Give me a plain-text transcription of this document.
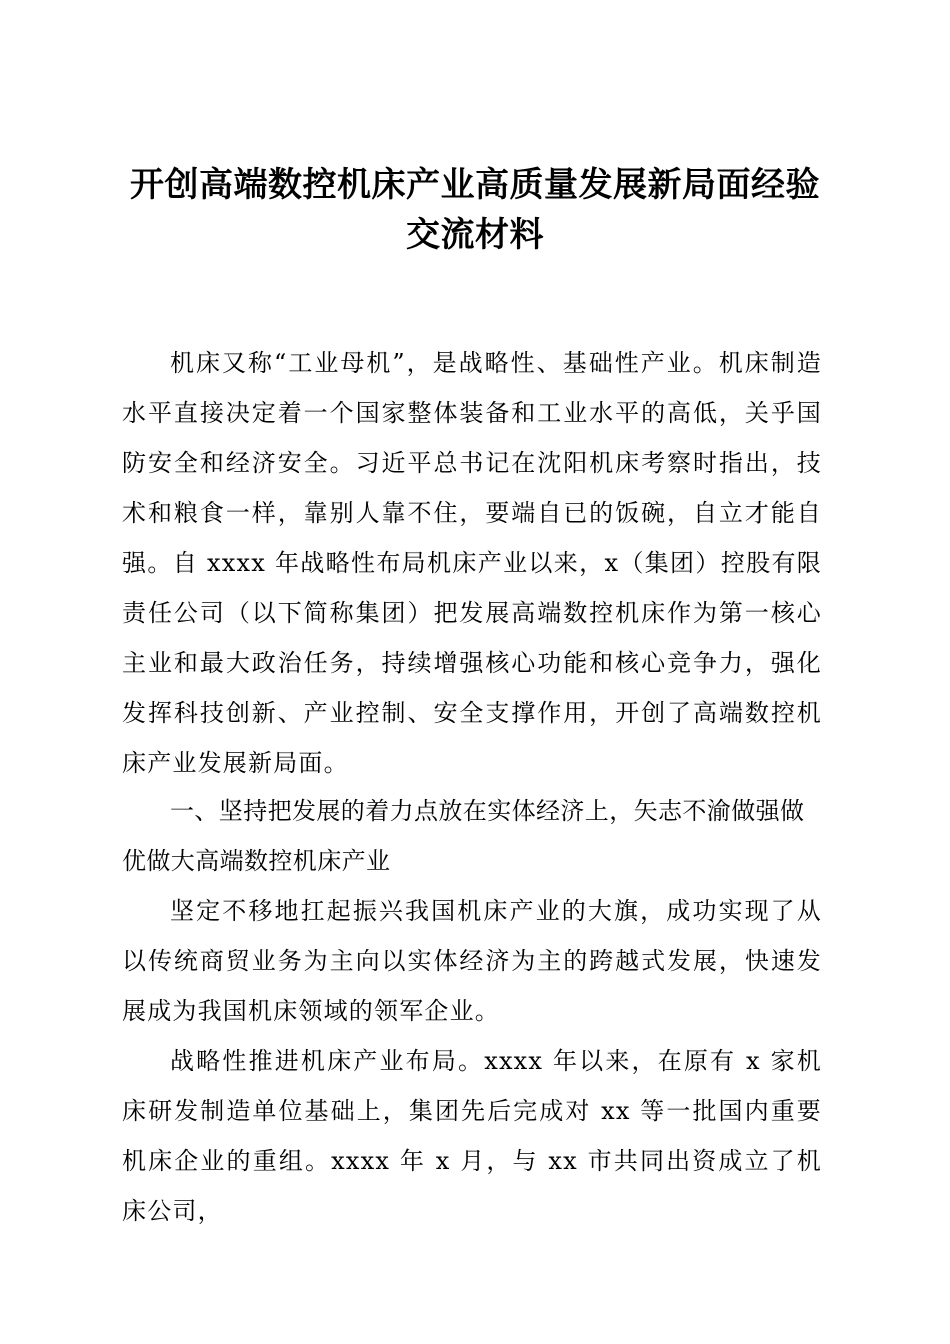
开创高端数控机床产业高质量发展新局面经验
交流材料

机床又称“工业母机”，是战略性、基础性产业。机床制造水平直接决定着一个国家整体装备和工业水平的高低，关乎国防安全和经济安全。习近平总书记在沈阳机床考察时指出，技术和粮食一样，靠别人靠不住，要端自已的饭碗，自立才能自强。自 xxxx 年战略性布局机床产业以来，x（集团）控股有限责任公司（以下简称集团）把发展高端数控机床作为第一核心主业和最大政治任务，持续增强核心功能和核心竞争力，强化发挥科技创新、产业控制、安全支撑作用，开创了高端数控机床产业发展新局面。

一、坚持把发展的着力点放在实体经济上，矢志不渝做强做优做大高端数控机床产业

坚定不移地扛起振兴我国机床产业的大旗，成功实现了从以传统商贸业务为主向以实体经济为主的跨越式发展，快速发展成为我国机床领域的领军企业。

战略性推进机床产业布局。xxxx 年以来，在原有 x 家机床研发制造单位基础上，集团先后完成对 xx 等一批国内重要机床企业的重组。xxxx 年 x 月，与 xx 市共同出资成立了机床公司，
